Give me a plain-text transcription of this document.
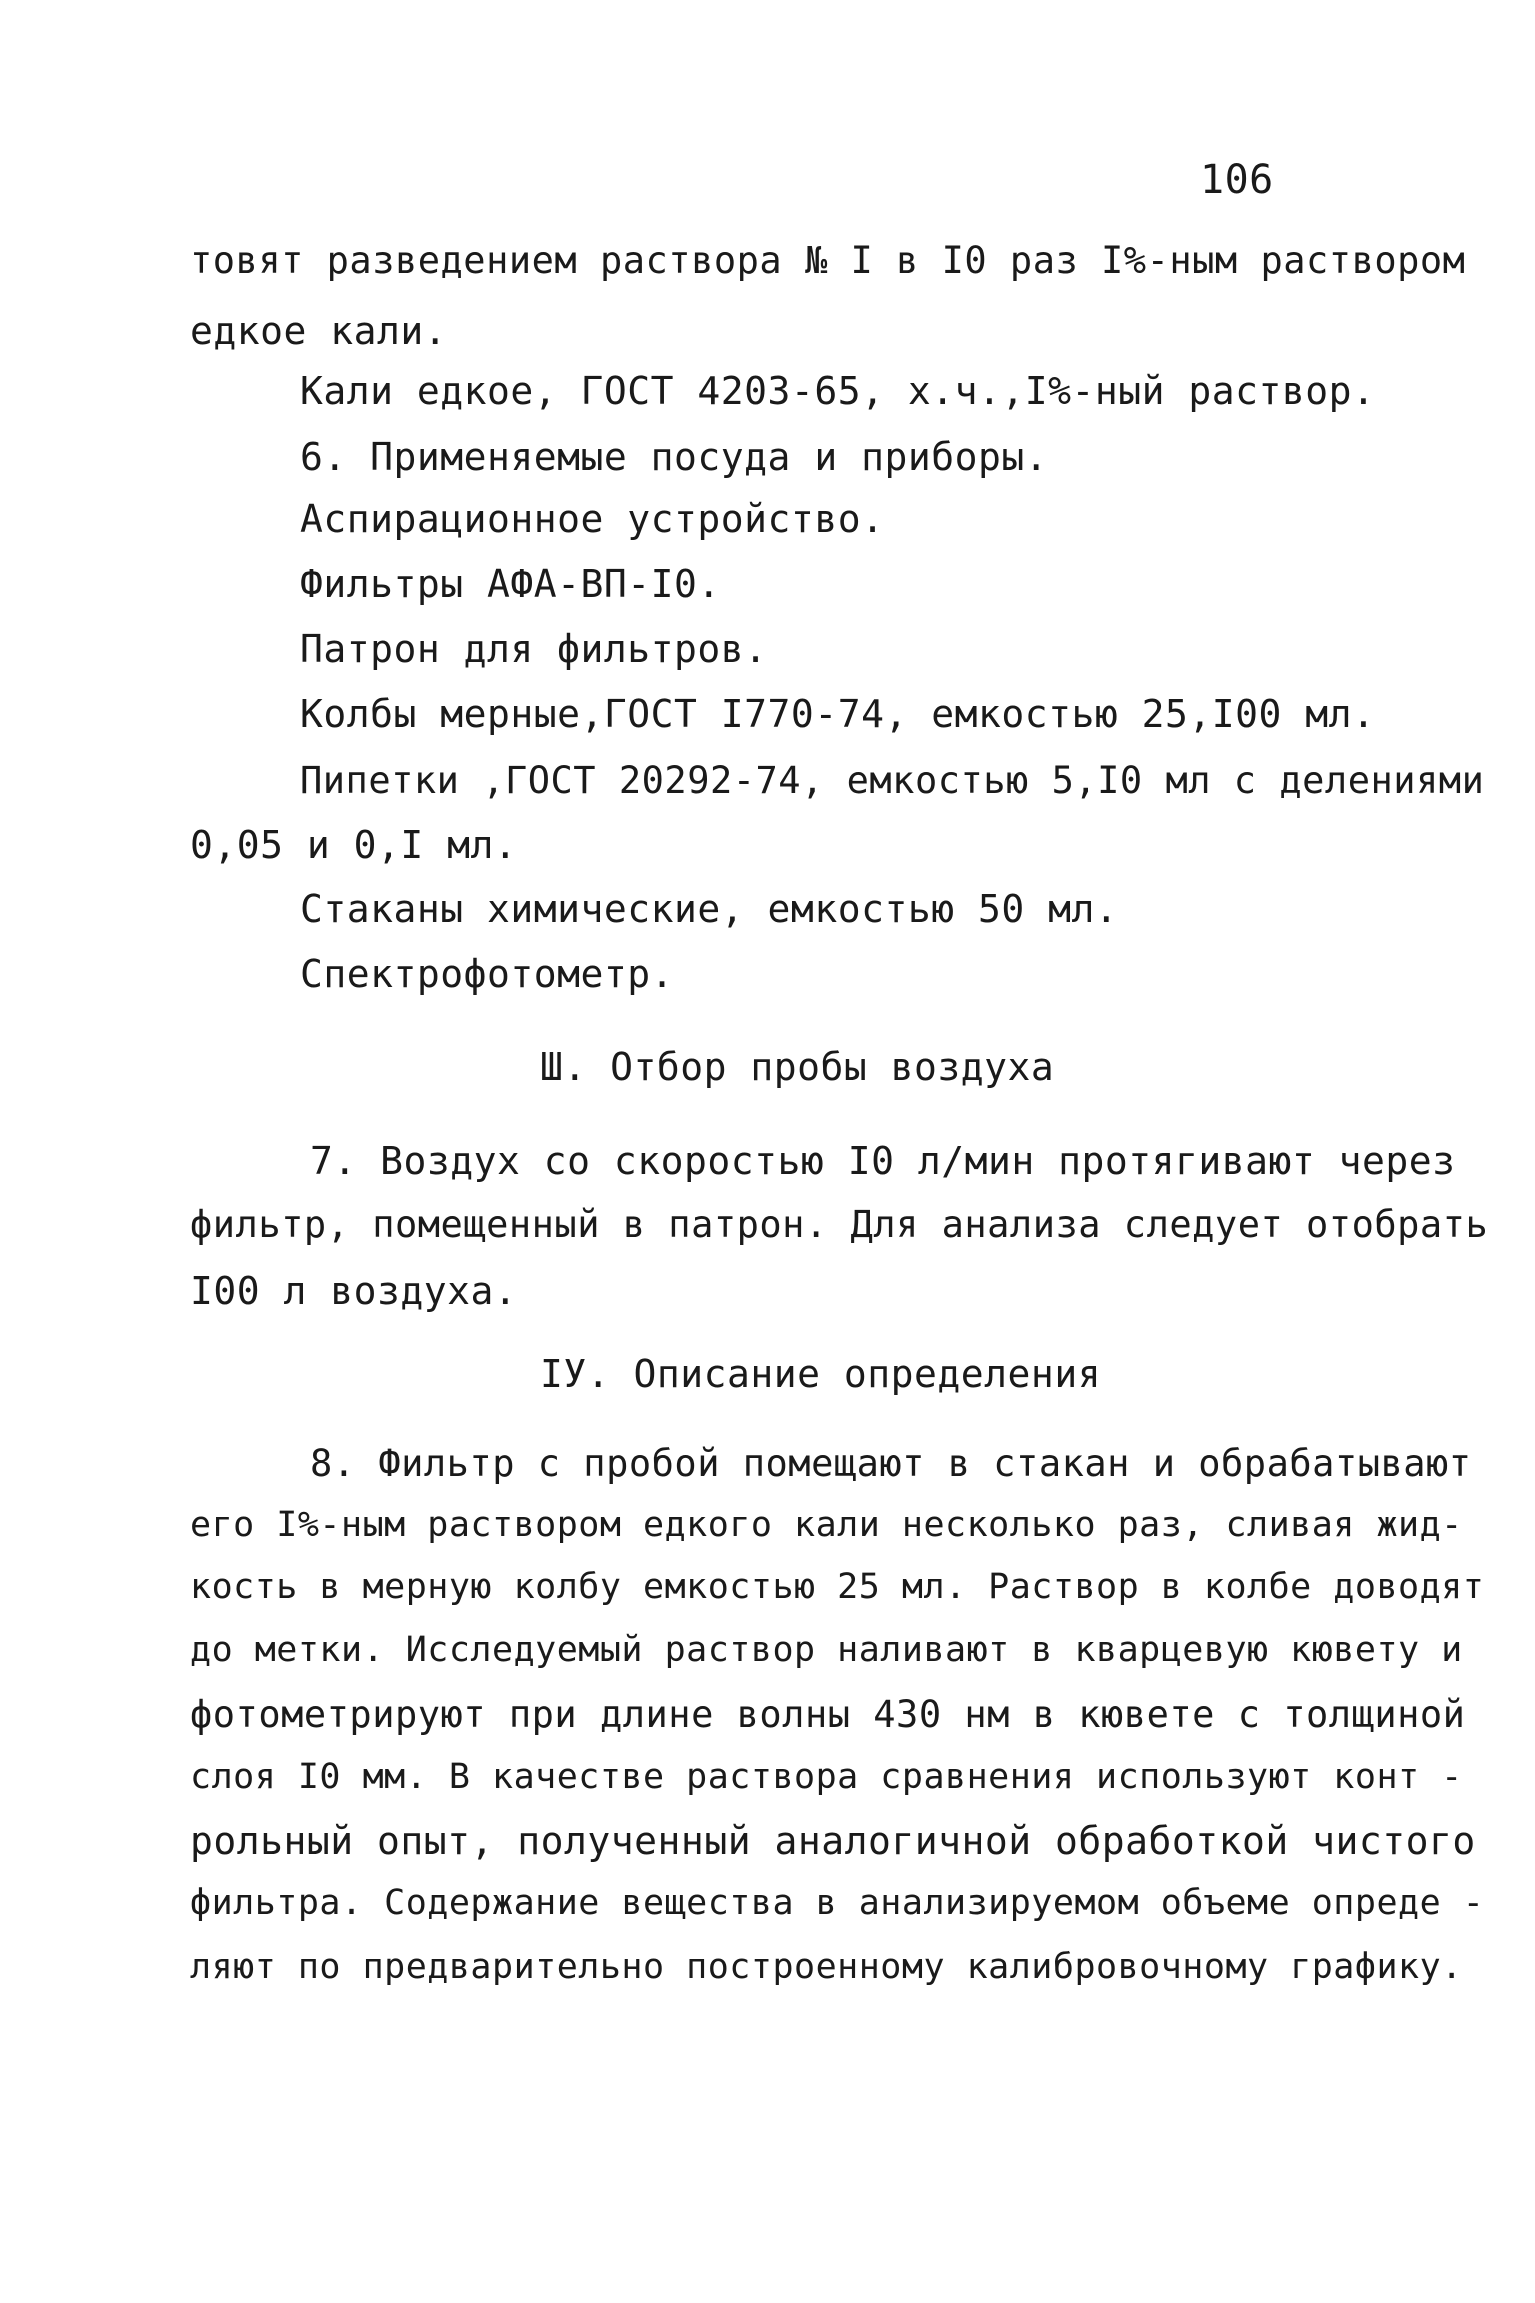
106
товят разведением раствора № I в I0 раз I%-ным раствором
едкое кали.
Кали едкое, ГОСТ 4203-65, х.ч.,I%-ный раствор.
6. Применяемые посуда и приборы.
Аспирационное устройство.
Фильтры АФА-ВП-I0.
Патрон для фильтров.
Колбы мерные,ГОСТ I770-74, емкостью 25,I00 мл.
Пипетки ,ГОСТ 20292-74, емкостью 5,I0 мл с делениями
0,05 и 0,I мл.
Стаканы химические, емкостью 50 мл.
Спектрофотометр.
Ш. Отбор пробы воздуха
7. Воздух со скоростью I0 л/мин протягивают через
фильтр, помещенный в патрон. Для анализа следует отобрать
I00 л воздуха.
IУ. Описание определения
8. Фильтр с пробой помещают в стакан и обрабатывают
его I%-ным раствором едкого кали несколько раз, сливая жид-
кость в мерную колбу емкостью 25 мл. Раствор в колбе доводят
до метки. Исследуемый раствор наливают в кварцевую кювету и
фотометрируют при длине волны 430 нм в кювете с толщиной
слоя I0 мм. В качестве раствора сравнения используют конт -
рольный опыт, полученный аналогичной обработкой чистого
фильтра. Содержание вещества в анализируемом объеме опреде -
ляют по предварительно построенному калибровочному графику.
